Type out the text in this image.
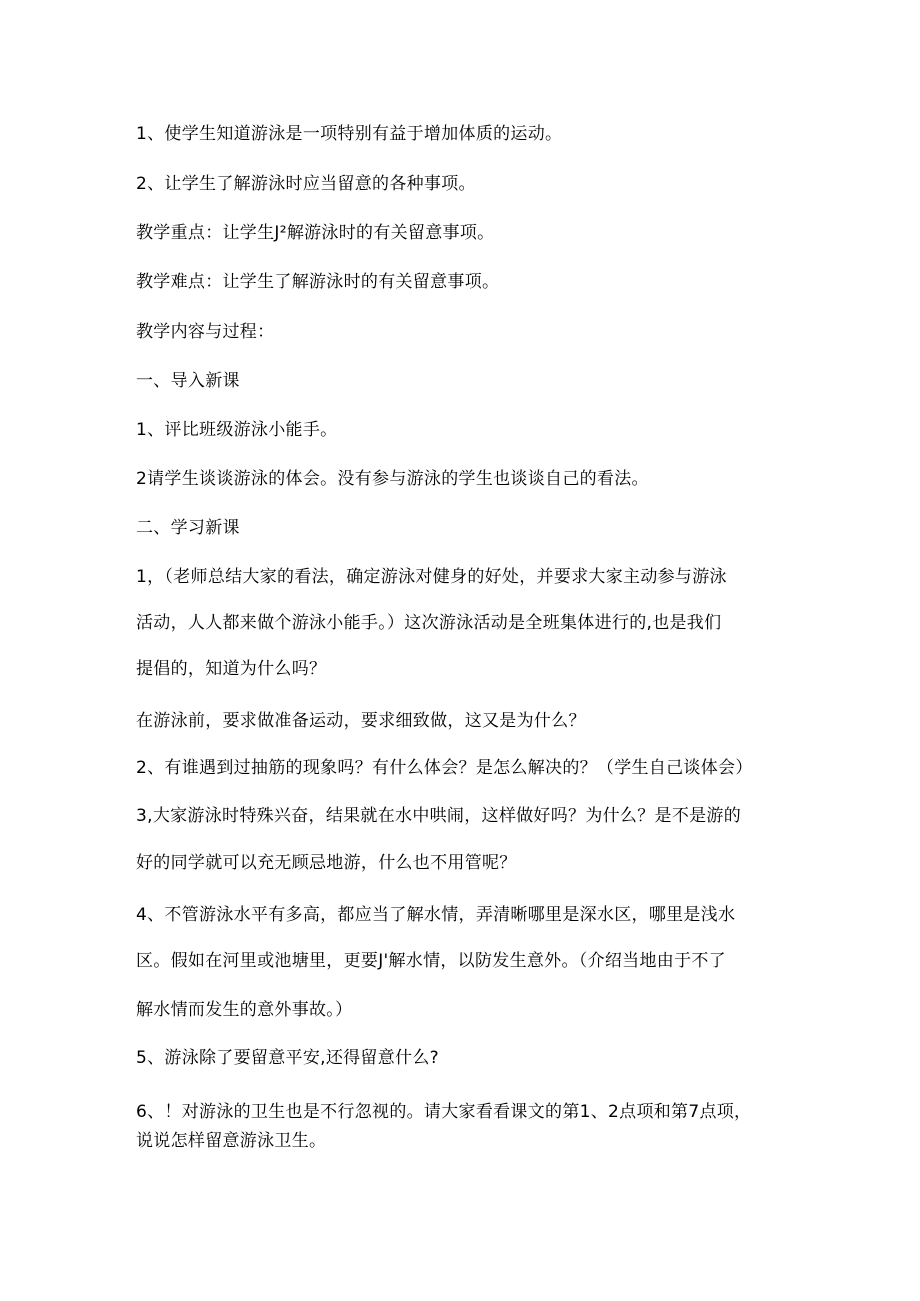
1、使学生知道游泳是一项特别有益于增加体质的运动。

2、让学生了解游泳时应当留意的各种事项。

教学重点：让学生J²解游泳时的有关留意事项。

教学难点：让学生了解游泳时的有关留意事项。

教学内容与过程：

一、导入新课

1、评比班级游泳小能手。

2请学生谈谈游泳的体会。没有参与游泳的学生也谈谈自己的看法。

二、学习新课

1，（老师总结大家的看法，确定游泳对健身的好处，并要求大家主动参与游泳

活动，人人都来做个游泳小能手。）这次游泳活动是全班集体进行的,也是我们

提倡的，知道为什么吗？

在游泳前，要求做准备运动，要求细致做，这又是为什么？

2、有谁遇到过抽筋的现象吗？有什么体会？是怎么解决的？（学生自己谈体会）

3,大家游泳时特殊兴奋，结果就在水中哄闹，这样做好吗？为什么？是不是游的

好的同学就可以充无顾忌地游，什么也不用管呢？

4、不管游泳水平有多高，都应当了解水情，弄清晰哪里是深水区，哪里是浅水

区。假如在河里或池塘里，更要J'解水情，以防发生意外。（介绍当地由于不了

解水情而发生的意外事故。）

5、游泳除了要留意平安,还得留意什么?

6、！对游泳的卫生也是不行忽视的。请大家看看课文的第1、2点项和第7点项，

说说怎样留意游泳卫生。
